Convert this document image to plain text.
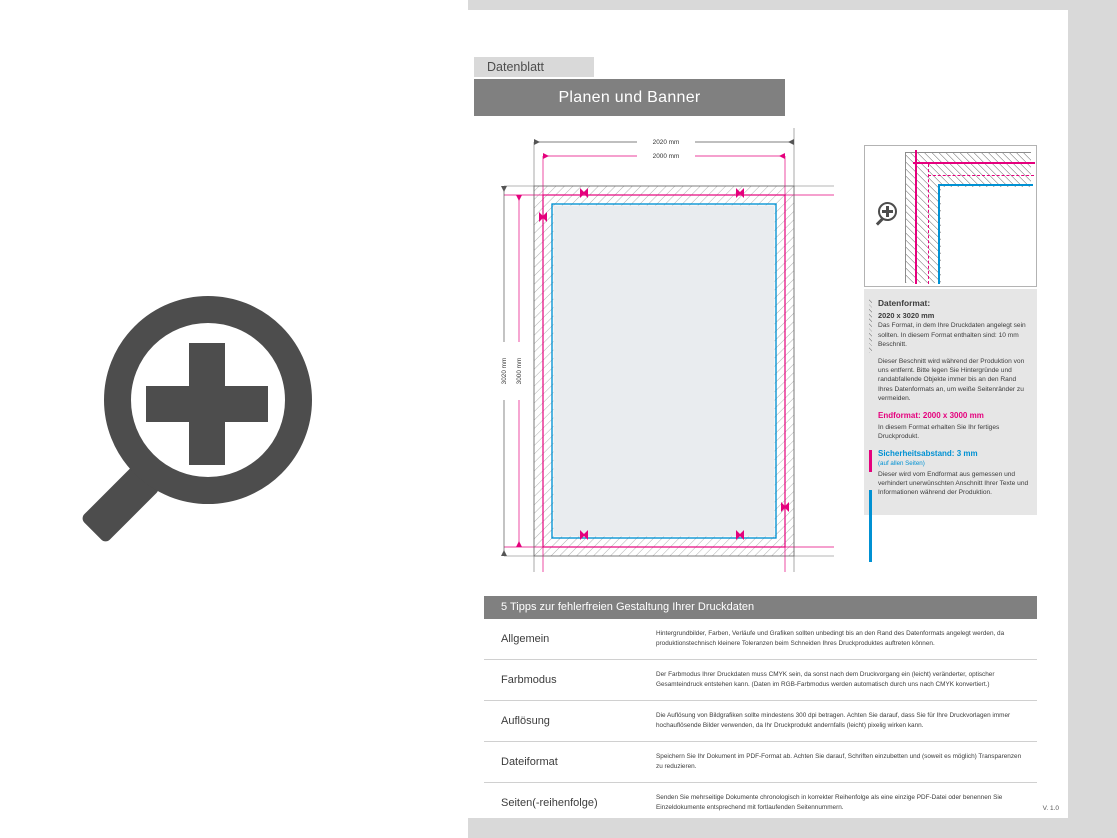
Datenblatt
Planen und Banner
2020 mm
2000 mm
3020 mm 3000 mm
Datenformat:
2020 x 3020 mm

Das Format, in dem Ihre Druckdaten angelegt sein sollten. In diesem Format enthalten sind: 10 mm Beschnitt.

Dieser Beschnitt wird während der Produktion von uns entfernt. Bitte legen Sie Hintergründe und randabfallende Objekte immer bis an den Rand Ihres Datenformats an, um weiße Seitenränder zu vermeiden.

Endformat: 2000 x 3000 mm

In diesem Format erhalten Sie Ihr fertiges Druckprodukt.

Sicherheitsabstand: 3 mm
(auf allen Seiten)

Dieser wird vom Endformat aus gemessen und verhindert unerwünschten Anschnitt Ihrer Texte und Informationen während der Produktion.

5 Tipps zur fehlerfreien Gestaltung Ihrer Druckdaten
Allgemein	Hintergrundbilder, Farben, Verläufe und Grafiken sollten unbedingt bis an den Rand des Datenformats angelegt werden, da produktionstechnisch kleinere Toleranzen beim Schneiden Ihres Druckproduktes auftreten können.
Farbmodus	Der Farbmodus Ihrer Druckdaten muss CMYK sein, da sonst nach dem Druckvorgang ein (leicht) veränderter, optischer Gesamteindruck entstehen kann. (Daten im RGB-Farbmodus werden automatisch durch uns nach CMYK konvertiert.)
Auflösung	Die Auflösung von Bildgrafiken sollte mindestens 300 dpi betragen. Achten Sie darauf, dass Sie für Ihre Druckvorlagen immer hochauflösende Bilder verwenden, da Ihr Druckprodukt andernfalls (leicht) pixelig wirken kann.
Dateiformat	Speichern Sie Ihr Dokument im PDF-Format ab. Achten Sie darauf, Schriften einzubetten und (soweit es möglich) Transparenzen zu reduzieren.
Seiten(-reihenfolge)	Senden Sie mehrseitige Dokumente chronologisch in korrekter Reihenfolge als eine einzige PDF-Datei oder benennen Sie Einzeldokumente entsprechend mit fortlaufenden Seitennummern.	V. 1.0
